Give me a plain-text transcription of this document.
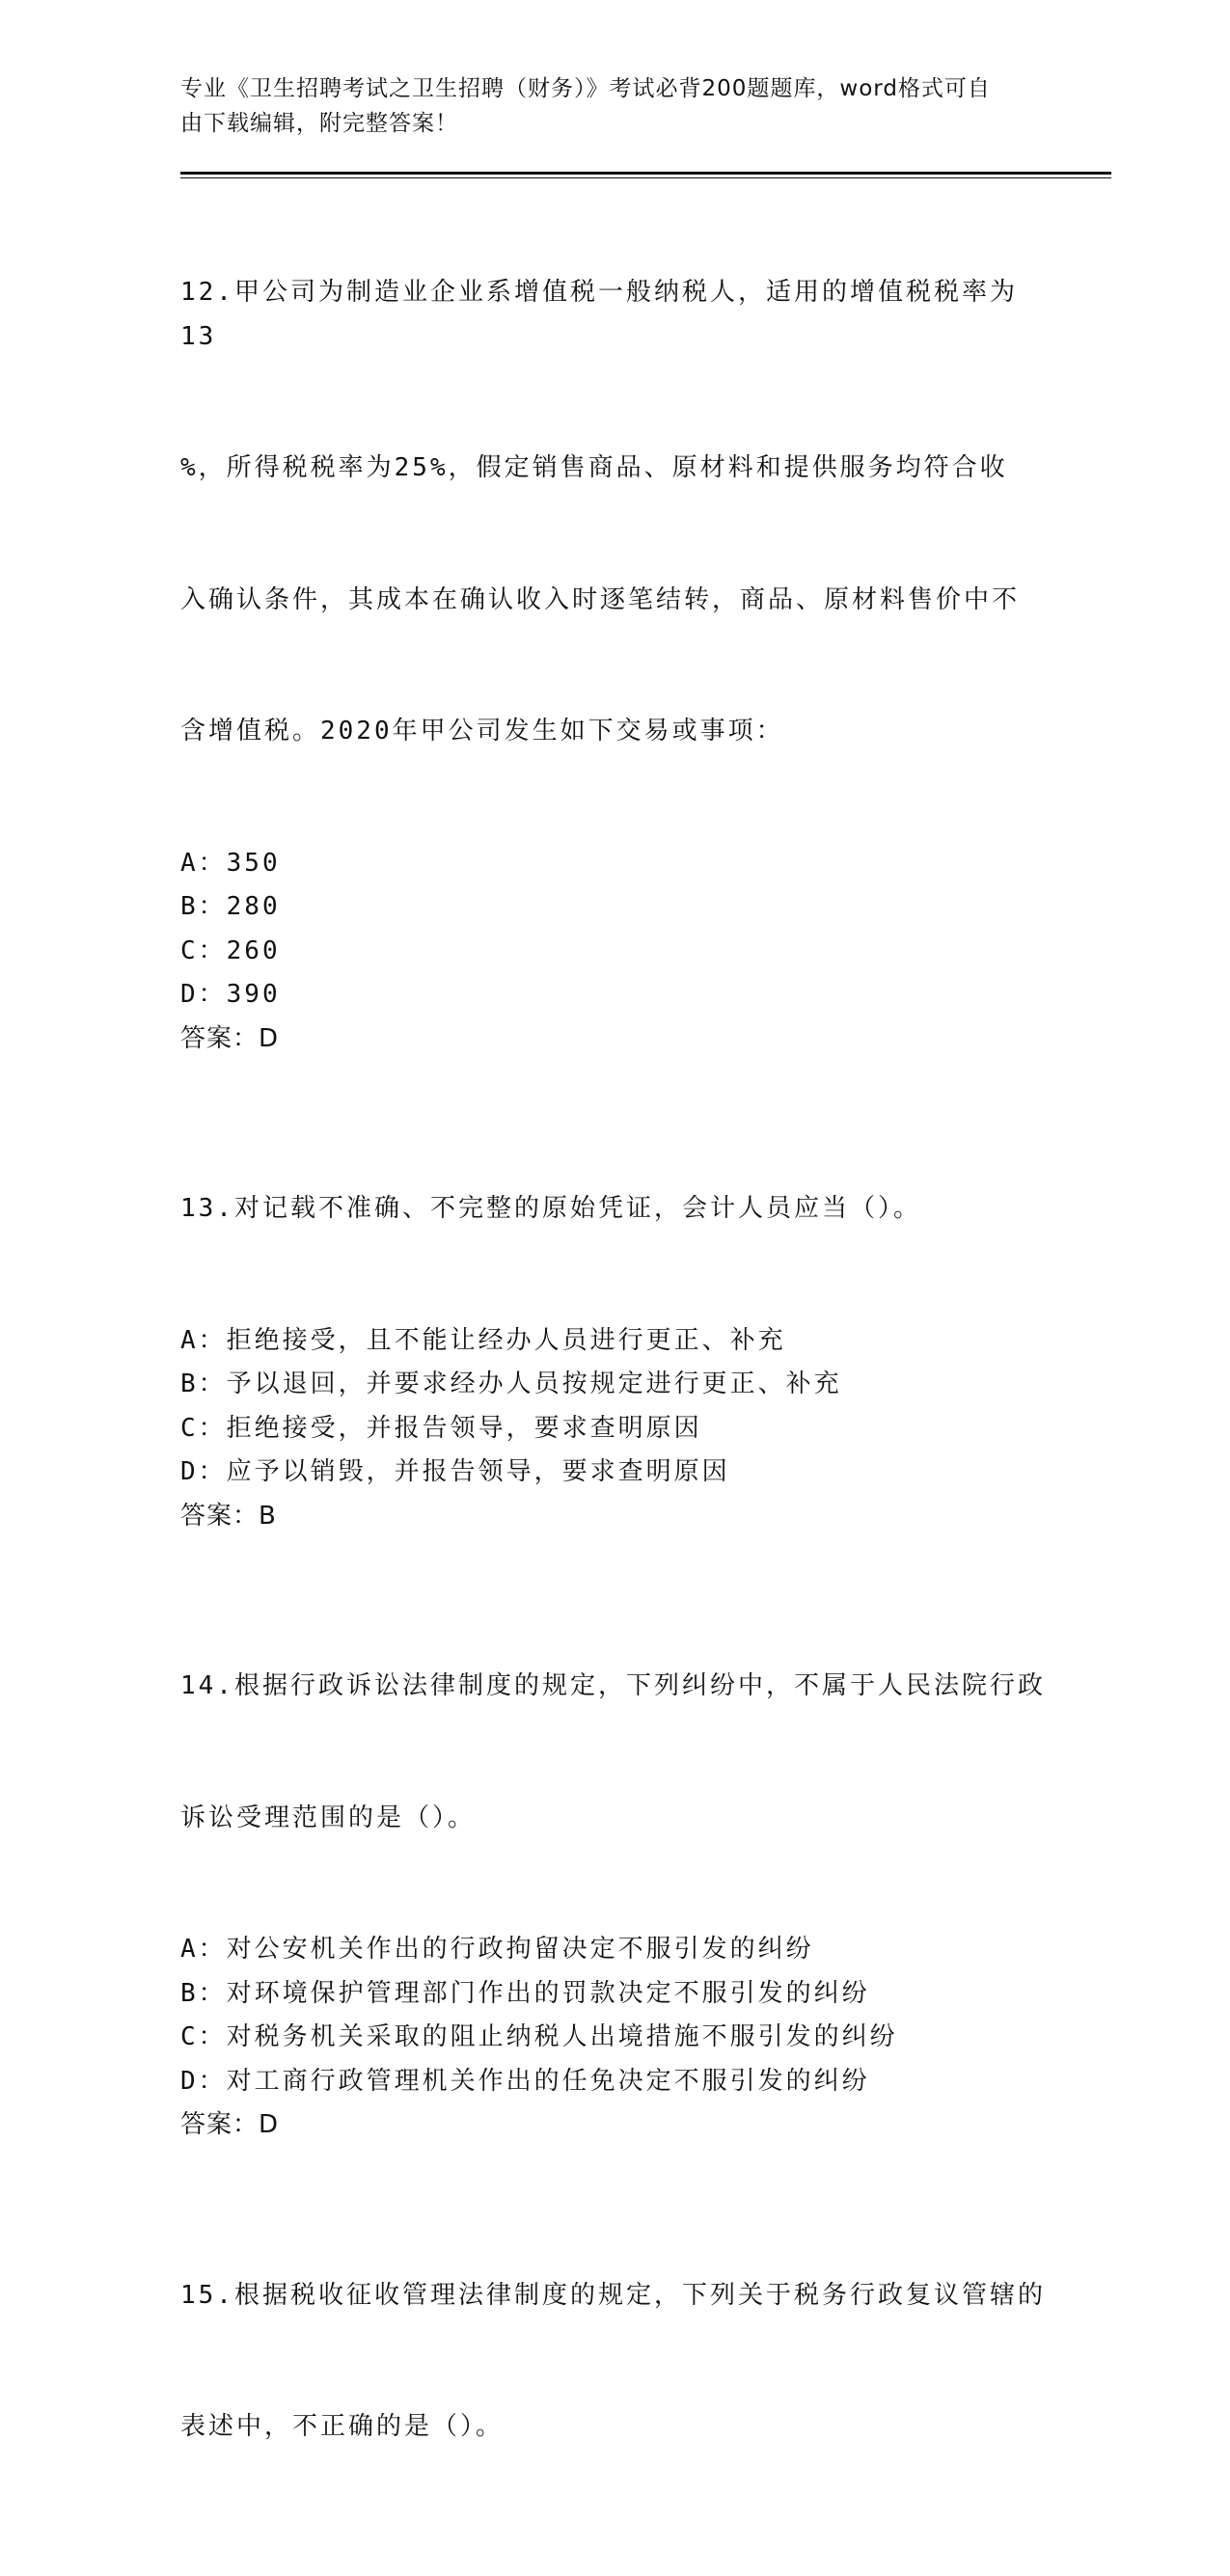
专业《卫生招聘考试之卫生招聘（财务）》考试必背200题题库，word格式可自
由下载编辑，附完整答案！

12.甲公司为制造业企业系增值税一般纳税人，适用的增值税税率为13

%，所得税税率为25%，假定销售商品、原材料和提供服务均符合收

入确认条件，其成本在确认收入时逐笔结转，商品、原材料售价中不

含增值税。2020年甲公司发生如下交易或事项：

A：350
B：280
C：260
D：390
答案：D

13.对记载不准确、不完整的原始凭证，会计人员应当（）。

A：拒绝接受，且不能让经办人员进行更正、补充
B：予以退回，并要求经办人员按规定进行更正、补充
C：拒绝接受，并报告领导，要求查明原因
D：应予以销毁，并报告领导，要求查明原因
答案：B

14.根据行政诉讼法律制度的规定，下列纠纷中，不属于人民法院行政

诉讼受理范围的是（）。

A：对公安机关作出的行政拘留决定不服引发的纠纷
B：对环境保护管理部门作出的罚款决定不服引发的纠纷
C：对税务机关采取的阻止纳税人出境措施不服引发的纠纷
D：对工商行政管理机关作出的任免决定不服引发的纠纷
答案：D

15.根据税收征收管理法律制度的规定，下列关于税务行政复议管辖的

表述中，不正确的是（）。
